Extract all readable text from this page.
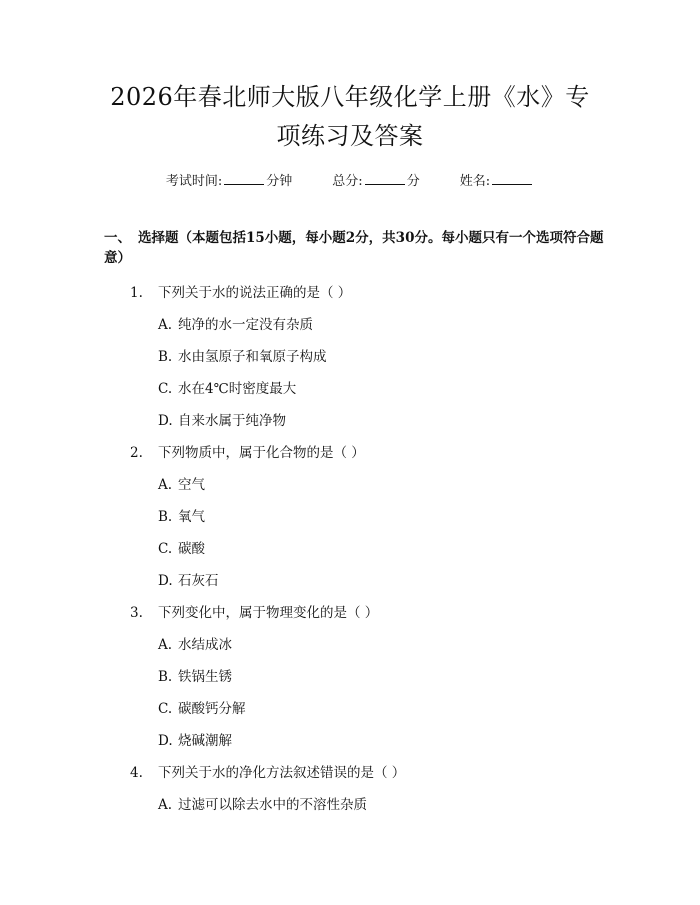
2026年春北师大版八年级化学上册《水》专
项练习及答案
考试时间:	分钟	总分:	分	姓名:
一、 选择题（本题包括15小题，每小题2分，共30分。每小题只有一个选项符合题意）
1. 下列关于水的说法正确的是（ ）
A. 纯净的水一定没有杂质
B. 水由氢原子和氧原子构成
C. 水在4℃时密度最大
D. 自来水属于纯净物
2. 下列物质中，属于化合物的是（ ）
A. 空气
B. 氧气
C. 碳酸
D. 石灰石
3. 下列变化中，属于物理变化的是（ ）
A. 水结成冰
B. 铁锅生锈
C. 碳酸钙分解
D. 烧碱潮解
4. 下列关于水的净化方法叙述错误的是（ ）
A. 过滤可以除去水中的不溶性杂质
